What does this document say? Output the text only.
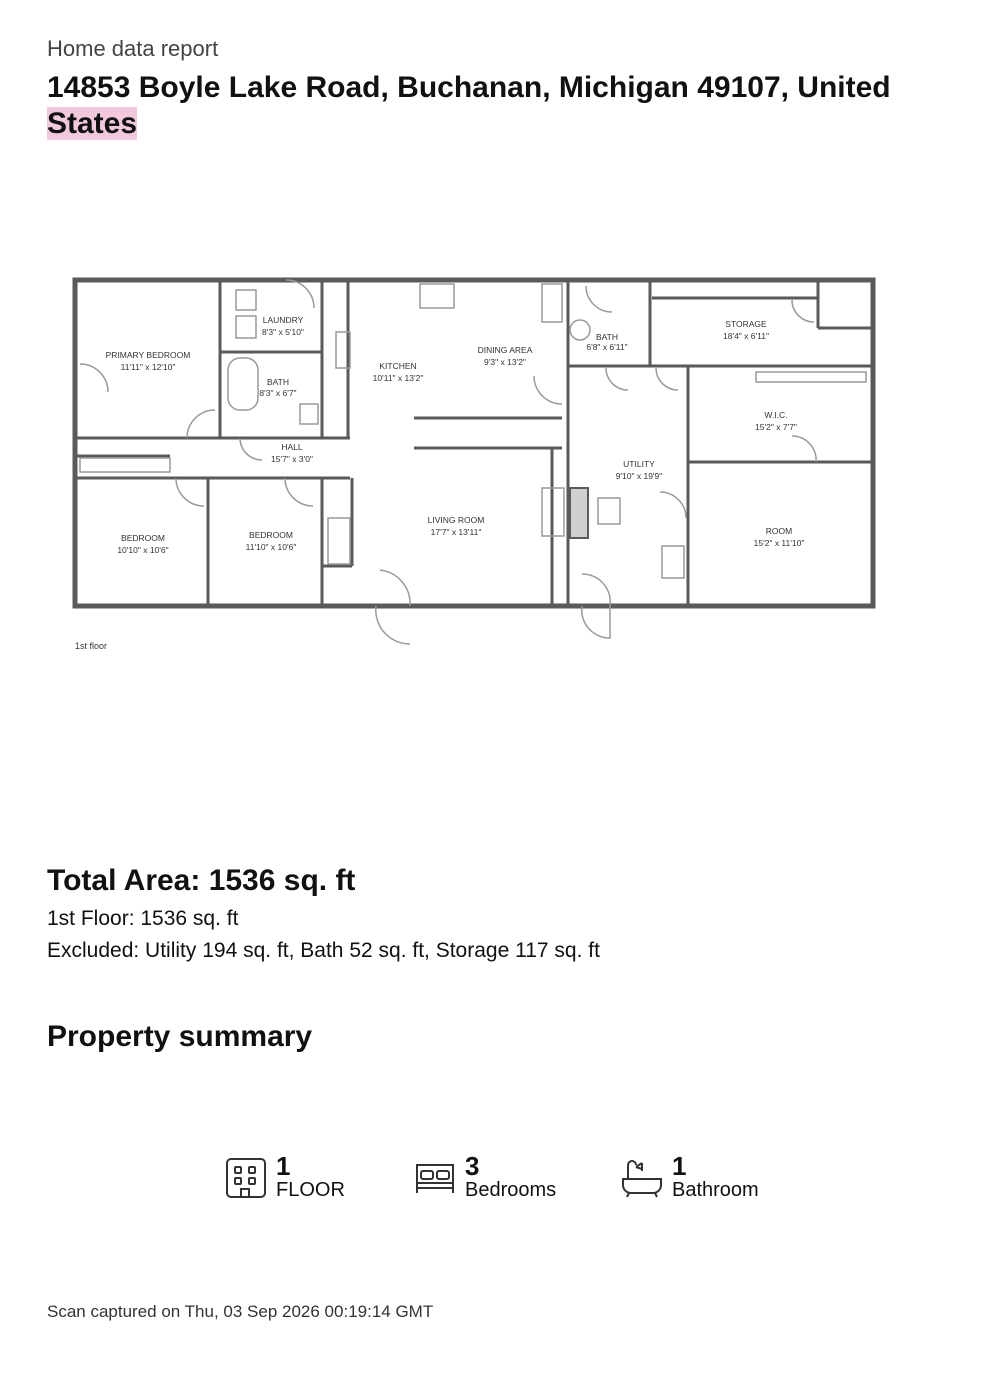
Home data report
14853 Boyle Lake Road, Buchanan, Michigan 49107, United
States
PRIMARY BEDROOM
11'11" x 12'10"
LAUNDRY
8'3" x 5'10"
BATH
8'3" x 6'7"
KITCHEN
10'11" x 13'2"
DINING AREA
9'3" x 13'2"
BATH
6'8" x 6'11"
STORAGE
18'4" x 6'11"
HALL
15'7" x 3'0"
W.I.C.
15'2" x 7'7"
UTILITY
9'10" x 19'9"
BEDROOM
10'10" x 10'6"
BEDROOM
11'10" x 10'6"
LIVING ROOM
17'7" x 13'11"	ROOM
15'2" x 11'10"
1st floor
Total Area: 1536 sq. ft
1st Floor: 1536 sq. ft
Excluded: Utility 194 sq. ft, Bath 52 sq. ft, Storage 117 sq. ft
Property summary
1
FLOOR
3
Bedrooms
1
Bathroom
Scan captured on Thu, 03 Sep 2026 00:19:14 GMT
